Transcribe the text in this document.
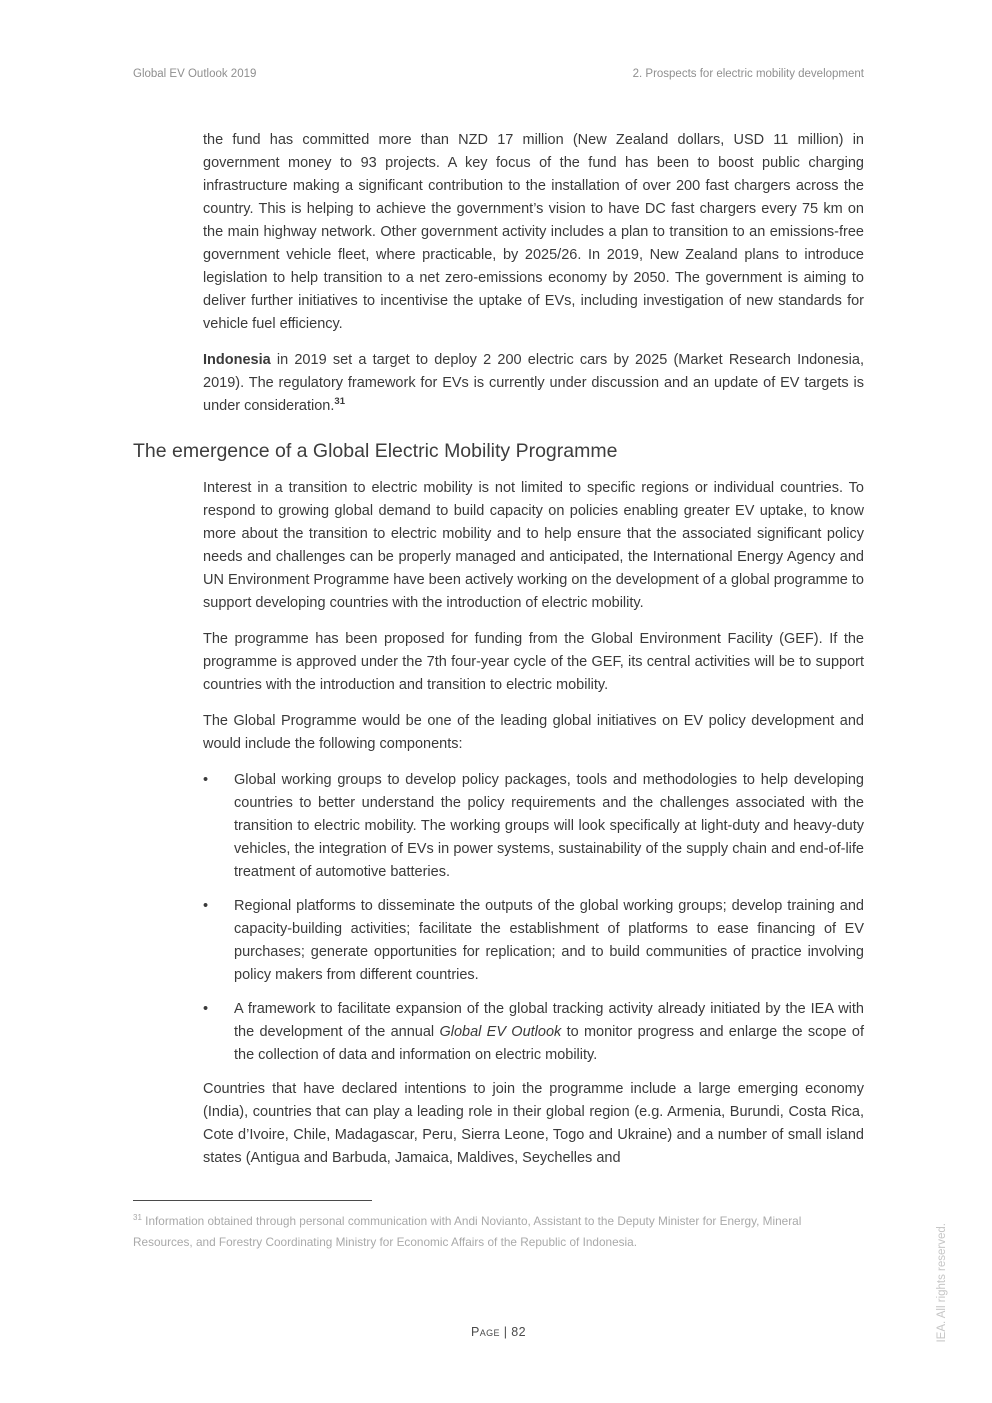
Global EV Outlook 2019	2. Prospects for electric mobility development

the fund has committed more than NZD 17 million (New Zealand dollars, USD 11 million) in government money to 93 projects. A key focus of the fund has been to boost public charging infrastructure making a significant contribution to the installation of over 200 fast chargers across the country. This is helping to achieve the government’s vision to have DC fast chargers every 75 km on the main highway network. Other government activity includes a plan to transition to an emissions-free government vehicle fleet, where practicable, by 2025/26. In 2019, New Zealand plans to introduce legislation to help transition to a net zero-emissions economy by 2050. The government is aiming to deliver further initiatives to incentivise the uptake of EVs, including investigation of new standards for vehicle fuel efficiency.

Indonesia in 2019 set a target to deploy 2 200 electric cars by 2025 (Market Research Indonesia, 2019). The regulatory framework for EVs is currently under discussion and an update of EV targets is under consideration.$^{31}$

The emergence of a Global Electric Mobility Programme

Interest in a transition to electric mobility is not limited to specific regions or individual countries. To respond to growing global demand to build capacity on policies enabling greater EV uptake, to know more about the transition to electric mobility and to help ensure that the associated significant policy needs and challenges can be properly managed and anticipated, the International Energy Agency and UN Environment Programme have been actively working on the development of a global programme to support developing countries with the introduction of electric mobility.

The programme has been proposed for funding from the Global Environment Facility (GEF). If the programme is approved under the 7th four-year cycle of the GEF, its central activities will be to support countries with the introduction and transition to electric mobility.

The Global Programme would be one of the leading global initiatives on EV policy development and would include the following components:

•	Global working groups to develop policy packages, tools and methodologies to help developing countries to better understand the policy requirements and the challenges associated with the transition to electric mobility. The working groups will look specifically at light-duty and heavy-duty vehicles, the integration of EVs in power systems, sustainability of the supply chain and end-of-life treatment of automotive batteries.
•	Regional platforms to disseminate the outputs of the global working groups; develop training and capacity-building activities; facilitate the establishment of platforms to ease financing of EV purchases; generate opportunities for replication; and to build communities of practice involving policy makers from different countries.
•	A framework to facilitate expansion of the global tracking activity already initiated by the IEA with the development of the annual Global EV Outlook to monitor progress and enlarge the scope of the collection of data and information on electric mobility.

Countries that have declared intentions to join the programme include a large emerging economy (India), countries that can play a leading role in their global region (e.g. Armenia, Burundi, Costa Rica, Cote d’Ivoire, Chile, Madagascar, Peru, Sierra Leone, Togo and Ukraine) and a number of small island states (Antigua and Barbuda, Jamaica, Maldives, Seychelles and

$^{31}$ Information obtained through personal communication with Andi Novianto, Assistant to the Deputy Minister for Energy, Mineral Resources, and Forestry Coordinating Ministry for Economic Affairs of the Republic of Indonesia.

Page | 82	IEA. All rights reserved.
